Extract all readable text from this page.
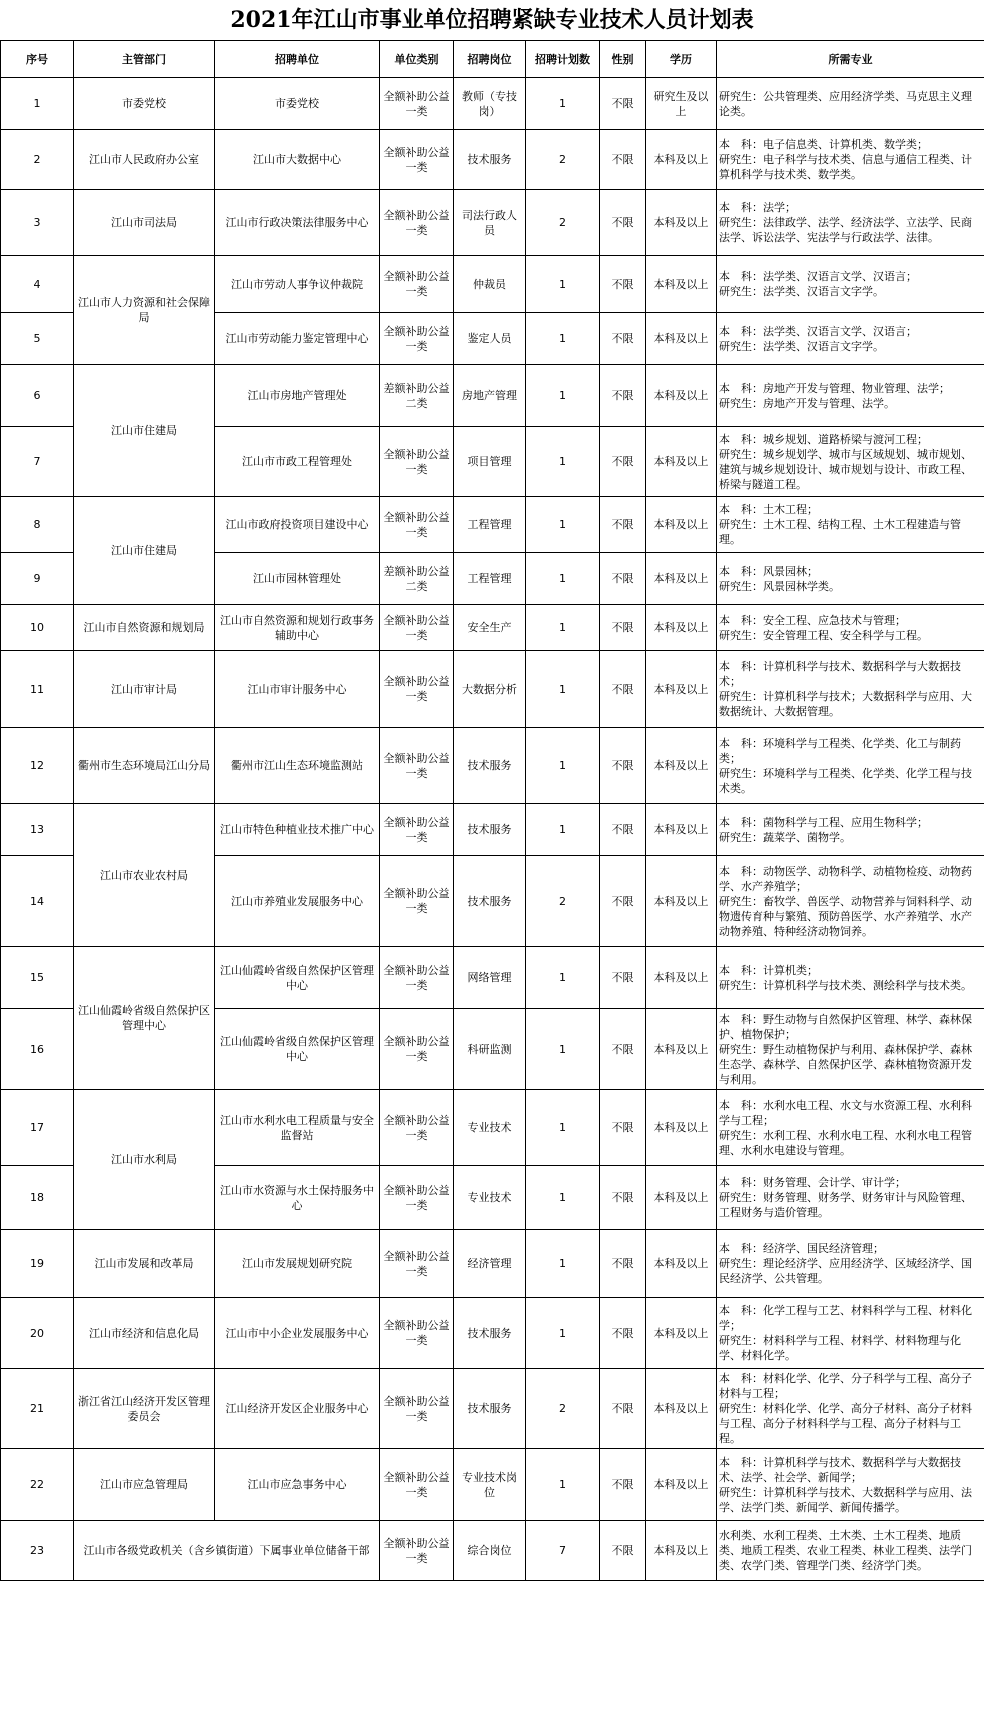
2021年江山市事业单位招聘紧缺专业技术人员计划表
序号	主管部门	招聘单位	单位类别	招聘岗位	招聘计划数	性别	学历	所需专业
1	市委党校	市委党校	全额补助公益一类	教师（专技岗）	1	不限	研究生及以上	研究生：公共管理类、应用经济学类、马克思主义理论类。

2	江山市人民政府办公室	江山市大数据中心	全额补助公益一类	技术服务	2	不限	本科及以上	本　科：电子信息类、计算机类、数学类；
研究生：电子科学与技术类、信息与通信工程类、计算机科学与技术类、数学类。

3	江山市司法局	江山市行政决策法律服务中心	全额补助公益一类	司法行政人员	2	不限	本科及以上	本　科：法学；
研究生：法律政学、法学、经济法学、立法学、民商法学、诉讼法学、宪法学与行政法学、法律。

4	江山市人力资源和社会保障局	江山市劳动人事争议仲裁院	全额补助公益一类	仲裁员	1	不限	本科及以上	本　科：法学类、汉语言文学、汉语言；
研究生：法学类、汉语言文字学。

5		江山市劳动能力鉴定管理中心	全额补助公益一类	鉴定人员	1	不限	本科及以上	本　科：法学类、汉语言文学、汉语言；
研究生：法学类、汉语言文字学。

6	江山市住建局	江山市房地产管理处	差额补助公益二类	房地产管理	1	不限	本科及以上	本　科：房地产开发与管理、物业管理、法学；
研究生：房地产开发与管理、法学。

7		江山市市政工程管理处	全额补助公益一类	项目管理	1	不限	本科及以上	本　科：城乡规划、道路桥梁与渡河工程；
研究生：城乡规划学、城市与区域规划、城市规划、建筑与城乡规划设计、城市规划与设计、市政工程、桥梁与隧道工程。

8	江山市住建局	江山市政府投资项目建设中心	全额补助公益一类	工程管理	1	不限	本科及以上	本　科：土木工程；
研究生：土木工程、结构工程、土木工程建造与管理。

9		江山市园林管理处	差额补助公益二类	工程管理	1	不限	本科及以上	本　科：风景园林；
研究生：风景园林学类。

10	江山市自然资源和规划局	江山市自然资源和规划行政事务辅助中心	全额补助公益一类	安全生产	1	不限	本科及以上	本　科：安全工程、应急技术与管理；
研究生：安全管理工程、安全科学与工程。

11	江山市审计局	江山市审计服务中心	全额补助公益一类	大数据分析	1	不限	本科及以上	本　科：计算机科学与技术、数据科学与大数据技术；
研究生：计算机科学与技术；大数据科学与应用、大数据统计、大数据管理。

12	衢州市生态环境局江山分局	衢州市江山生态环境监测站	全额补助公益一类	技术服务	1	不限	本科及以上	本　科：环境科学与工程类、化学类、化工与制药类；
研究生：环境科学与工程类、化学类、化学工程与技术类。

13	江山市农业农村局	江山市特色种植业技术推广中心	全额补助公益一类	技术服务	1	不限	本科及以上	本　科：菌物科学与工程、应用生物科学；
研究生：蔬菜学、菌物学。

14		江山市养殖业发展服务中心	全额补助公益一类	技术服务	2	不限	本科及以上	本　科：动物医学、动物科学、动植物检疫、动物药学、水产养殖学；
研究生：畜牧学、兽医学、动物营养与饲料科学、动物遗传育种与繁殖、预防兽医学、水产养殖学、水产动物养殖、特种经济动物饲养。

15	江山仙霞岭省级自然保护区管理中心	江山仙霞岭省级自然保护区管理中心	全额补助公益一类	网络管理	1	不限	本科及以上	本　科：计算机类；
研究生：计算机科学与技术类、测绘科学与技术类。

16		江山仙霞岭省级自然保护区管理中心	全额补助公益一类	科研监测	1	不限	本科及以上	本　科：野生动物与自然保护区管理、林学、森林保护、植物保护；
研究生：野生动植物保护与利用、森林保护学、森林生态学、森林学、自然保护区学、森林植物资源开发与利用。

17	江山市水利局	江山市水利水电工程质量与安全监督站	全额补助公益一类	专业技术	1	不限	本科及以上	本　科：水利水电工程、水文与水资源工程、水利科学与工程；
研究生：水利工程、水利水电工程、水利水电工程管理、水利水电建设与管理。

18		江山市水资源与水土保持服务中心	全额补助公益一类	专业技术	1	不限	本科及以上	本　科：财务管理、会计学、审计学；
研究生：财务管理、财务学、财务审计与风险管理、工程财务与造价管理。

19	江山市发展和改革局	江山市发展规划研究院	全额补助公益一类	经济管理	1	不限	本科及以上	本　科：经济学、国民经济管理；
研究生：理论经济学、应用经济学、区域经济学、国民经济学、公共管理。

20	江山市经济和信息化局	江山市中小企业发展服务中心	全额补助公益一类	技术服务	1	不限	本科及以上	本　科：化学工程与工艺、材料科学与工程、材料化学；
研究生：材料科学与工程、材料学、材料物理与化学、材料化学。

21	浙江省江山经济开发区管理委员会	江山经济开发区企业服务中心	全额补助公益一类	技术服务	2	不限	本科及以上	本　科：材料化学、化学、分子科学与工程、高分子材料与工程；
研究生：材料化学、化学、高分子材料、高分子材料与工程、高分子材料科学与工程、高分子材料与工程。

22	江山市应急管理局	江山市应急事务中心	全额补助公益一类	专业技术岗位	1	不限	本科及以上	本　科：计算机科学与技术、数据科学与大数据技术、法学、社会学、新闻学；
研究生：计算机科学与技术、大数据科学与应用、法学、法学门类、新闻学、新闻传播学。

23	江山市各级党政机关（含乡镇街道）下属事业单位储备干部		全额补助公益一类	综合岗位	7	不限	本科及以上	水利类、水利工程类、土木类、土木工程类、地质类、地质工程类、农业工程类、林业工程类、法学门类、农学门类、管理学门类、经济学门类。
